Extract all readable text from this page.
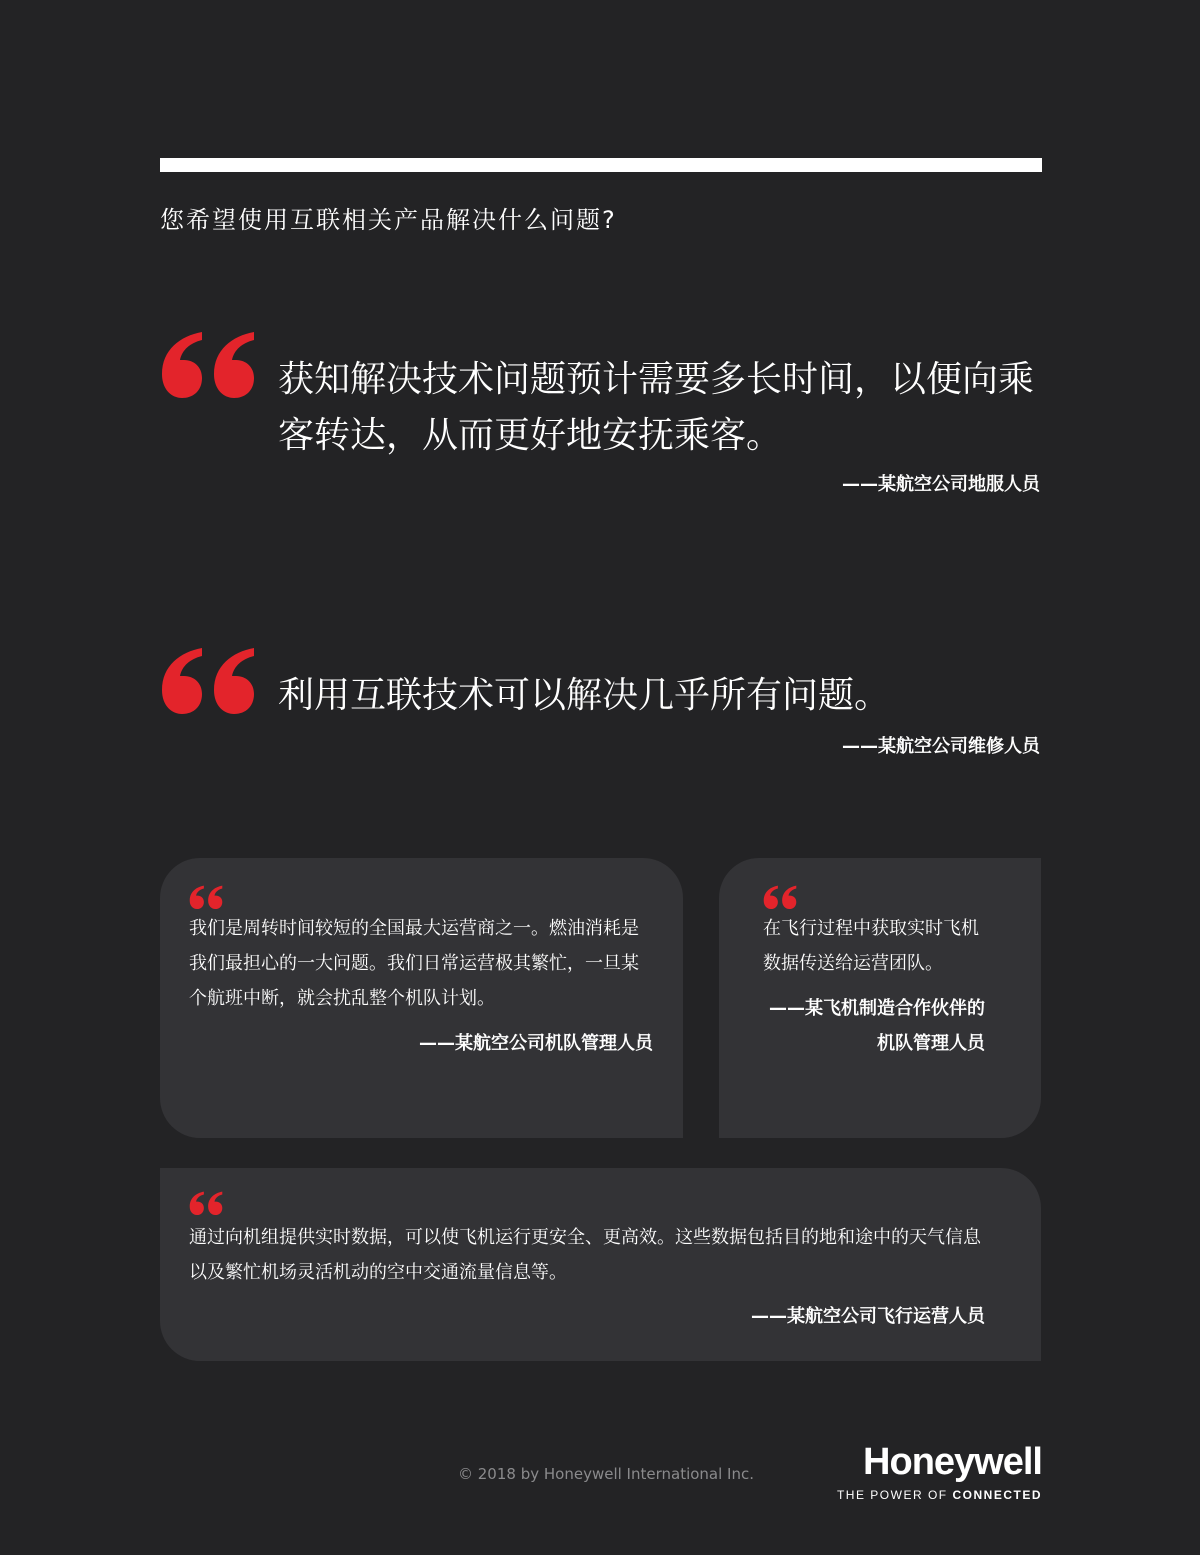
您希望使用互联相关产品解决什么问题?
获知解决技术问题预计需要多长时间，以便向乘客转达，从而更好地安抚乘客。
——某航空公司地服人员
利用互联技术可以解决几乎所有问题。
——某航空公司维修人员
我们是周转时间较短的全国最大运营商之一。燃油消耗是我们最担心的一大问题。我们日常运营极其繁忙，一旦某个航班中断，就会扰乱整个机队计划。
——某航空公司机队管理人员
在飞行过程中获取实时飞机数据传送给运营团队。
——某飞机制造合作伙伴的机队管理人员
通过向机组提供实时数据，可以使飞机运行更安全、更高效。这些数据包括目的地和途中的天气信息以及繁忙机场灵活机动的空中交通流量信息等。
——某航空公司飞行运营人员
© 2018 by Honeywell International Inc.	Honeywell
THE POWER OF CONNECTED
